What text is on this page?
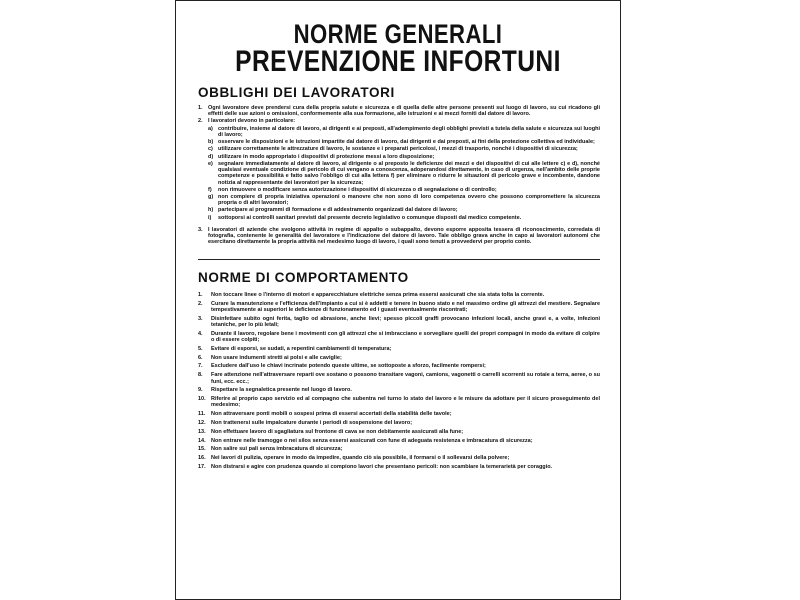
NORME GENERALI
PREVENZIONE INFORTUNI
OBBLIGHI DEI LAVORATORI
1. Ogni lavoratore deve prendersi cura della propria salute e sicurezza e di quella delle altre persone presenti sul luogo di lavoro, su cui ricadono gli effetti delle sue azioni o omissioni, conformemente alla sua formazione, alle istruzioni e ai mezzi forniti dal datore di lavoro.
2. I lavoratori devono in particolare:
a) contribuire, insieme al datore di lavoro, ai dirigenti e ai preposti, all'adempimento degli obblighi previsti a tutela della salute e sicurezza sui luoghi di lavoro;
b) osservare le disposizioni e le istruzioni impartite dal datore di lavoro, dai dirigenti e dai preposti, ai fini della protezione collettiva ed individuale;
c) utilizzare correttamente le attrezzature di lavoro, le sostanze e i preparati pericolosi, i mezzi di trasporto, nonché i dispositivi di sicurezza;
d) utilizzare in modo appropriato i dispositivi di protezione messi a loro disposizione;
e) segnalare immediatamente al datore di lavoro, al dirigente o al preposto le deficienze dei mezzi e dei dispositivi di cui alle lettere c) e d), nonché qualsiasi eventuale condizione di pericolo di cui vengano a conoscenza, adoperandosi direttamente, in caso di urgenza, nell'ambito delle proprie competenze e possibilità e fatto salvo l'obbligo di cui alla lettera f) per eliminare o ridurre le situazioni di pericolo grave e incombente, dandone notizia al rappresentante dei lavoratori per la sicurezza;
f)	non rimuovere o modificare senza autorizzazione i dispositivi di sicurezza o di segnalazione o di controllo;
g) non compiere di propria iniziativa operazioni o manovre che non sono di loro competenza ovvero che possono compromettere la sicurezza propria o di altri lavoratori;
h) partecipare ai programmi di formazione e di addestramento organizzati dal datore di lavoro;
i)	sottoporsi ai controlli sanitari previsti dal presente decreto legislativo o comunque disposti dal medico competente.
3. I lavoratori di aziende che svolgono attività in regime di appalto o subappalto, devono esporre apposita tessera di riconoscimento, corredata di fotografia, contenente le generalità del lavoratore e l'indicazione del datore di lavoro. Tale obbligo grava anche in capo ai lavoratori autonomi che esercitano direttamente la propria attività nel medesimo luogo di lavoro, i quali sono tenuti a provvedervi per proprio conto.
NORME DI COMPORTAMENTO
1.	Non toccare linee o l'interno di motori e apparecchiature elettriche senza prima essersi assicurati che sia stata tolta la corrente.
2.	Curare la manutenzione e l'efficienza dell'impianto a cui si è addetti e tenere in buono stato e nel massimo ordine gli attrezzi del mestiere. Segnalare tempestivamente ai superiori le deficienze di funzionamento ed i guasti eventualmente riscontrati;
3.	Disinfettare subito ogni ferita, taglio od abrasione, anche lievi; spesso piccoli graffi provocano infezioni locali, anche gravi e, a volte, infezioni tetaniche, per lo più letali;
4.	Durante il lavoro, regolare bene i movimenti con gli attrezzi che si imbracciano e sorvegliare quelli dei propri compagni in modo da evitare di colpire o di essere colpiti;
5.	Evitare di esporsi, se sudati, a repentini cambiamenti di temperatura;
6.	Non usare indumenti stretti ai polsi e alle caviglie;
7.	Escludere dall'uso le chiavi incrinate potendo queste ultime, se sottoposte a sforzo, facilmente rompersi;
8.	Fare attenzione nell'attraversare reparti ove sostano o possono transitare vagoni, camions, vagonetti o carrelli scorrenti su rotaie a terra, aeree, o su funi, ecc. ecc.;
9.	Rispettare la segnaletica presente nel luogo di lavoro.
10. Riferire al proprio capo servizio ed al compagno che subentra nel turno lo stato del lavoro e le misure da adottare per il sicuro proseguimento del medesimo;
11.	Non attraversare ponti mobili o sospesi prima di essersi accertati della stabilità delle tavole;
12. Non trattenersi sulle impalcature durante i periodi di sospensione del lavoro;
13. Non effettuare lavoro di sgagliatura sul frontone di cava se non debitamente assicurati alla fune;
14. Non entrare nelle tramogge o nei silos senza essersi assicurati con fune di adeguata resistenza e imbracatura di sicurezza;
15. Non salire sui pali senza imbracatura di sicurezza;
16. Nei lavori di pulizia, operare in modo da impedire, quando ciò sia possibile, il formarsi o il sollevarsi della polvere;
17. Non distrarsi e agire con prudenza quando si compiono lavori che presentano pericoli: non scambiare la temerarietà per coraggio.
